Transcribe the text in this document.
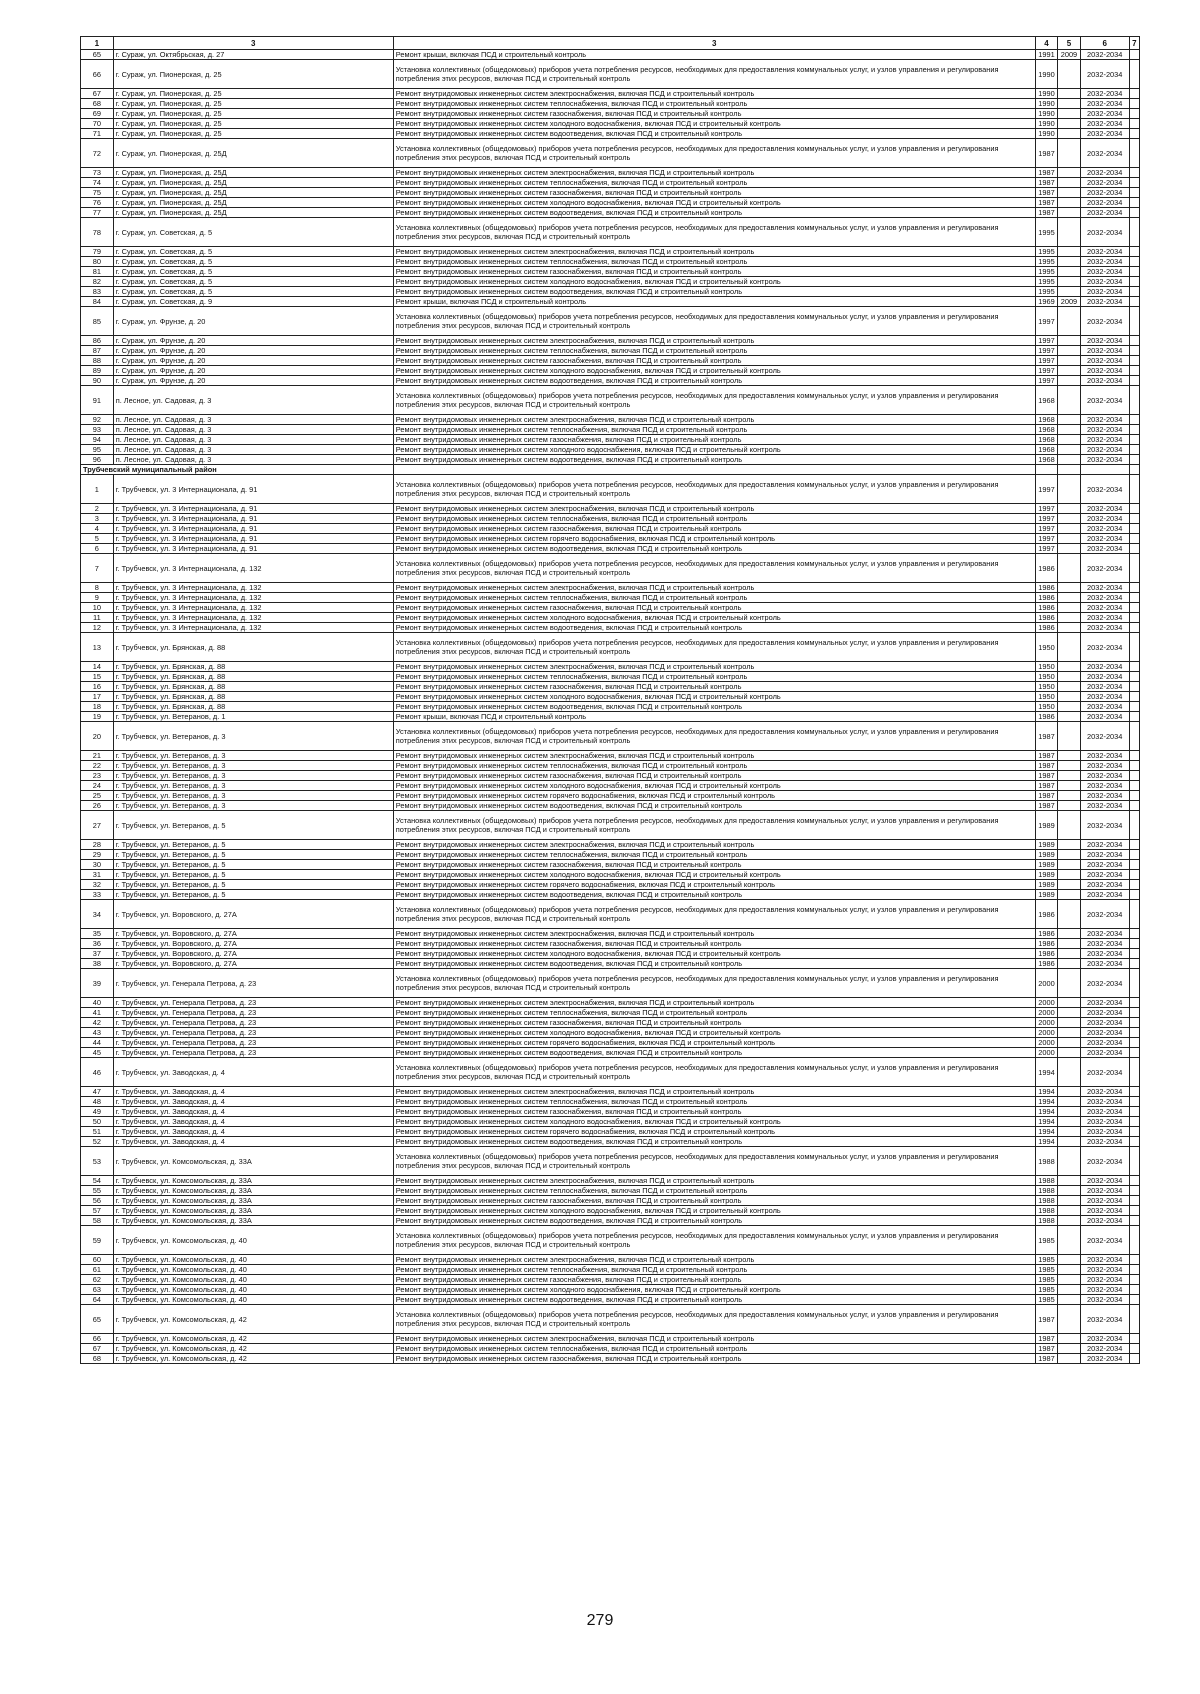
1	3	3	4	5	6	7
65	г. Сураж, ул. Октябрьская, д. 27	Ремонт крыши, включая ПСД и строительный контроль	1991	2009	2032-2034	
66	г. Сураж, ул. Пионерская, д. 25	Установка коллективных (общедомовых) приборов учета потребления ресурсов, необходимых для предоставления коммунальных услуг, и узлов управления и регулирования потребления этих ресурсов, включая ПСД и строительный контроль	1990		2032-2034	
67	г. Сураж, ул. Пионерская, д. 25	Ремонт внутридомовых инженерных систем электроснабжения, включая ПСД и строительный контроль	1990		2032-2034	
68	г. Сураж, ул. Пионерская, д. 25	Ремонт внутридомовых инженерных систем теплоснабжения, включая ПСД и строительный контроль	1990		2032-2034	
69	г. Сураж, ул. Пионерская, д. 25	Ремонт внутридомовых инженерных систем газоснабжения, включая ПСД и строительный контроль	1990		2032-2034	
70	г. Сураж, ул. Пионерская, д. 25	Ремонт внутридомовых инженерных систем холодного водоснабжения, включая ПСД и строительный контроль	1990		2032-2034	
71	г. Сураж, ул. Пионерская, д. 25	Ремонт внутридомовых инженерных систем водоотведения, включая ПСД и строительный контроль	1990		2032-2034	
72	г. Сураж, ул. Пионерская, д. 25Д	Установка коллективных (общедомовых) приборов учета потребления ресурсов, необходимых для предоставления коммунальных услуг, и узлов управления и регулирования потребления этих ресурсов, включая ПСД и строительный контроль	1987		2032-2034	
73	г. Сураж, ул. Пионерская, д. 25Д	Ремонт внутридомовых инженерных систем электроснабжения, включая ПСД и строительный контроль	1987		2032-2034	
74	г. Сураж, ул. Пионерская, д. 25Д	Ремонт внутридомовых инженерных систем теплоснабжения, включая ПСД и строительный контроль	1987		2032-2034	
75	г. Сураж, ул. Пионерская, д. 25Д	Ремонт внутридомовых инженерных систем газоснабжения, включая ПСД и строительный контроль	1987		2032-2034	
76	г. Сураж, ул. Пионерская, д. 25Д	Ремонт внутридомовых инженерных систем холодного водоснабжения, включая ПСД и строительный контроль	1987		2032-2034	
77	г. Сураж, ул. Пионерская, д. 25Д	Ремонт внутридомовых инженерных систем водоотведения, включая ПСД и строительный контроль	1987		2032-2034	
78	г. Сураж, ул. Советская, д. 5	Установка коллективных (общедомовых) приборов учета потребления ресурсов, необходимых для предоставления коммунальных услуг, и узлов управления и регулирования потребления этих ресурсов, включая ПСД и строительный контроль	1995		2032-2034	
79	г. Сураж, ул. Советская, д. 5	Ремонт внутридомовых инженерных систем электроснабжения, включая ПСД и строительный контроль	1995		2032-2034	
80	г. Сураж, ул. Советская, д. 5	Ремонт внутридомовых инженерных систем теплоснабжения, включая ПСД и строительный контроль	1995		2032-2034	
81	г. Сураж, ул. Советская, д. 5	Ремонт внутридомовых инженерных систем газоснабжения, включая ПСД и строительный контроль	1995		2032-2034	
82	г. Сураж, ул. Советская, д. 5	Ремонт внутридомовых инженерных систем холодного водоснабжения, включая ПСД и строительный контроль	1995		2032-2034	
83	г. Сураж, ул. Советская, д. 5	Ремонт внутридомовых инженерных систем водоотведения, включая ПСД и строительный контроль	1995		2032-2034	
84	г. Сураж, ул. Советская, д. 9	Ремонт крыши, включая ПСД и строительный контроль	1969	2009	2032-2034	
85	г. Сураж, ул. Фрунзе, д. 20	Установка коллективных (общедомовых) приборов учета потребления ресурсов, необходимых для предоставления коммунальных услуг, и узлов управления и регулирования потребления этих ресурсов, включая ПСД и строительный контроль	1997		2032-2034	
86	г. Сураж, ул. Фрунзе, д. 20	Ремонт внутридомовых инженерных систем электроснабжения, включая ПСД и строительный контроль	1997		2032-2034	
87	г. Сураж, ул. Фрунзе, д. 20	Ремонт внутридомовых инженерных систем теплоснабжения, включая ПСД и строительный контроль	1997		2032-2034	
88	г. Сураж, ул. Фрунзе, д. 20	Ремонт внутридомовых инженерных систем газоснабжения, включая ПСД и строительный контроль	1997		2032-2034	
89	г. Сураж, ул. Фрунзе, д. 20	Ремонт внутридомовых инженерных систем холодного водоснабжения, включая ПСД и строительный контроль	1997		2032-2034	
90	г. Сураж, ул. Фрунзе, д. 20	Ремонт внутридомовых инженерных систем водоотведения, включая ПСД и строительный контроль	1997		2032-2034	
91	п. Лесное, ул. Садовая, д. 3	Установка коллективных (общедомовых) приборов учета потребления ресурсов, необходимых для предоставления коммунальных услуг, и узлов управления и регулирования потребления этих ресурсов, включая ПСД и строительный контроль	1968		2032-2034	
92	п. Лесное, ул. Садовая, д. 3	Ремонт внутридомовых инженерных систем электроснабжения, включая ПСД и строительный контроль	1968		2032-2034	
93	п. Лесное, ул. Садовая, д. 3	Ремонт внутридомовых инженерных систем теплоснабжения, включая ПСД и строительный контроль	1968		2032-2034	
94	п. Лесное, ул. Садовая, д. 3	Ремонт внутридомовых инженерных систем газоснабжения, включая ПСД и строительный контроль	1968		2032-2034	
95	п. Лесное, ул. Садовая, д. 3	Ремонт внутридомовых инженерных систем холодного водоснабжения, включая ПСД и строительный контроль	1968		2032-2034	
96	п. Лесное, ул. Садовая, д. 3	Ремонт внутридомовых инженерных систем водоотведения, включая ПСД и строительный контроль	1968		2032-2034	
Трубчевский муниципальный район						
1	г. Трубчевск, ул. 3 Интернационала, д. 91	Установка коллективных (общедомовых) приборов учета потребления ресурсов, необходимых для предоставления коммунальных услуг, и узлов управления и регулирования потребления этих ресурсов, включая ПСД и строительный контроль	1997		2032-2034	
2	г. Трубчевск, ул. 3 Интернационала, д. 91	Ремонт внутридомовых инженерных систем электроснабжения, включая ПСД и строительный контроль	1997		2032-2034	
3	г. Трубчевск, ул. 3 Интернационала, д. 91	Ремонт внутридомовых инженерных систем теплоснабжения, включая ПСД и строительный контроль	1997		2032-2034	
4	г. Трубчевск, ул. 3 Интернационала, д. 91	Ремонт внутридомовых инженерных систем газоснабжения, включая ПСД и строительный контроль	1997		2032-2034	
5	г. Трубчевск, ул. 3 Интернационала, д. 91	Ремонт внутридомовых инженерных систем горячего водоснабжения, включая ПСД и строительный контроль	1997		2032-2034	
6	г. Трубчевск, ул. 3 Интернационала, д. 91	Ремонт внутридомовых инженерных систем водоотведения, включая ПСД и строительный контроль	1997		2032-2034	
7	г. Трубчевск, ул. 3 Интернационала, д. 132	Установка коллективных (общедомовых) приборов учета потребления ресурсов, необходимых для предоставления коммунальных услуг, и узлов управления и регулирования потребления этих ресурсов, включая ПСД и строительный контроль	1986		2032-2034	
8	г. Трубчевск, ул. 3 Интернационала, д. 132	Ремонт внутридомовых инженерных систем электроснабжения, включая ПСД и строительный контроль	1986		2032-2034	
9	г. Трубчевск, ул. 3 Интернационала, д. 132	Ремонт внутридомовых инженерных систем теплоснабжения, включая ПСД и строительный контроль	1986		2032-2034	
10	г. Трубчевск, ул. 3 Интернационала, д. 132	Ремонт внутридомовых инженерных систем газоснабжения, включая ПСД и строительный контроль	1986		2032-2034	
11	г. Трубчевск, ул. 3 Интернационала, д. 132	Ремонт внутридомовых инженерных систем холодного водоснабжения, включая ПСД и строительный контроль	1986		2032-2034	
12	г. Трубчевск, ул. 3 Интернационала, д. 132	Ремонт внутридомовых инженерных систем водоотведения, включая ПСД и строительный контроль	1986		2032-2034	
13	г. Трубчевск, ул. Брянская, д. 88	Установка коллективных (общедомовых) приборов учета потребления ресурсов, необходимых для предоставления коммунальных услуг, и узлов управления и регулирования потребления этих ресурсов, включая ПСД и строительный контроль	1950		2032-2034	
14	г. Трубчевск, ул. Брянская, д. 88	Ремонт внутридомовых инженерных систем электроснабжения, включая ПСД и строительный контроль	1950		2032-2034	
15	г. Трубчевск, ул. Брянская, д. 88	Ремонт внутридомовых инженерных систем теплоснабжения, включая ПСД и строительный контроль	1950		2032-2034	
16	г. Трубчевск, ул. Брянская, д. 88	Ремонт внутридомовых инженерных систем газоснабжения, включая ПСД и строительный контроль	1950		2032-2034	
17	г. Трубчевск, ул. Брянская, д. 88	Ремонт внутридомовых инженерных систем холодного водоснабжения, включая ПСД и строительный контроль	1950		2032-2034	
18	г. Трубчевск, ул. Брянская, д. 88	Ремонт внутридомовых инженерных систем водоотведения, включая ПСД и строительный контроль	1950		2032-2034	
19	г. Трубчевск, ул. Ветеранов, д. 1	Ремонт крыши, включая ПСД и строительный контроль	1986		2032-2034	
20	г. Трубчевск, ул. Ветеранов, д. 3	Установка коллективных (общедомовых) приборов учета потребления ресурсов, необходимых для предоставления коммунальных услуг, и узлов управления и регулирования потребления этих ресурсов, включая ПСД и строительный контроль	1987		2032-2034	
21	г. Трубчевск, ул. Ветеранов, д. 3	Ремонт внутридомовых инженерных систем электроснабжения, включая ПСД и строительный контроль	1987		2032-2034	
22	г. Трубчевск, ул. Ветеранов, д. 3	Ремонт внутридомовых инженерных систем теплоснабжения, включая ПСД и строительный контроль	1987		2032-2034	
23	г. Трубчевск, ул. Ветеранов, д. 3	Ремонт внутридомовых инженерных систем газоснабжения, включая ПСД и строительный контроль	1987		2032-2034	
24	г. Трубчевск, ул. Ветеранов, д. 3	Ремонт внутридомовых инженерных систем холодного водоснабжения, включая ПСД и строительный контроль	1987		2032-2034	
25	г. Трубчевск, ул. Ветеранов, д. 3	Ремонт внутридомовых инженерных систем горячего водоснабжения, включая ПСД и строительный контроль	1987		2032-2034	
26	г. Трубчевск, ул. Ветеранов, д. 3	Ремонт внутридомовых инженерных систем водоотведения, включая ПСД и строительный контроль	1987		2032-2034	
27	г. Трубчевск, ул. Ветеранов, д. 5	Установка коллективных (общедомовых) приборов учета потребления ресурсов, необходимых для предоставления коммунальных услуг, и узлов управления и регулирования потребления этих ресурсов, включая ПСД и строительный контроль	1989		2032-2034	
28	г. Трубчевск, ул. Ветеранов, д. 5	Ремонт внутридомовых инженерных систем электроснабжения, включая ПСД и строительный контроль	1989		2032-2034	
29	г. Трубчевск, ул. Ветеранов, д. 5	Ремонт внутридомовых инженерных систем теплоснабжения, включая ПСД и строительный контроль	1989		2032-2034	
30	г. Трубчевск, ул. Ветеранов, д. 5	Ремонт внутридомовых инженерных систем газоснабжения, включая ПСД и строительный контроль	1989		2032-2034	
31	г. Трубчевск, ул. Ветеранов, д. 5	Ремонт внутридомовых инженерных систем холодного водоснабжения, включая ПСД и строительный контроль	1989		2032-2034	
32	г. Трубчевск, ул. Ветеранов, д. 5	Ремонт внутридомовых инженерных систем горячего водоснабжения, включая ПСД и строительный контроль	1989		2032-2034	
33	г. Трубчевск, ул. Ветеранов, д. 5	Ремонт внутридомовых инженерных систем водоотведения, включая ПСД и строительный контроль	1989		2032-2034	
34	г. Трубчевск, ул. Воровского, д. 27А	Установка коллективных (общедомовых) приборов учета потребления ресурсов, необходимых для предоставления коммунальных услуг, и узлов управления и регулирования потребления этих ресурсов, включая ПСД и строительный контроль	1986		2032-2034	
35	г. Трубчевск, ул. Воровского, д. 27А	Ремонт внутридомовых инженерных систем электроснабжения, включая ПСД и строительный контроль	1986		2032-2034	
36	г. Трубчевск, ул. Воровского, д. 27А	Ремонт внутридомовых инженерных систем газоснабжения, включая ПСД и строительный контроль	1986		2032-2034	
37	г. Трубчевск, ул. Воровского, д. 27А	Ремонт внутридомовых инженерных систем холодного водоснабжения, включая ПСД и строительный контроль	1986		2032-2034	
38	г. Трубчевск, ул. Воровского, д. 27А	Ремонт внутридомовых инженерных систем водоотведения, включая ПСД и строительный контроль	1986		2032-2034	
39	г. Трубчевск, ул. Генерала Петрова, д. 23	Установка коллективных (общедомовых) приборов учета потребления ресурсов, необходимых для предоставления коммунальных услуг, и узлов управления и регулирования потребления этих ресурсов, включая ПСД и строительный контроль	2000		2032-2034	
40	г. Трубчевск, ул. Генерала Петрова, д. 23	Ремонт внутридомовых инженерных систем электроснабжения, включая ПСД и строительный контроль	2000		2032-2034	
41	г. Трубчевск, ул. Генерала Петрова, д. 23	Ремонт внутридомовых инженерных систем теплоснабжения, включая ПСД и строительный контроль	2000		2032-2034	
42	г. Трубчевск, ул. Генерала Петрова, д. 23	Ремонт внутридомовых инженерных систем газоснабжения, включая ПСД и строительный контроль	2000		2032-2034	
43	г. Трубчевск, ул. Генерала Петрова, д. 23	Ремонт внутридомовых инженерных систем холодного водоснабжения, включая ПСД и строительный контроль	2000		2032-2034	
44	г. Трубчевск, ул. Генерала Петрова, д. 23	Ремонт внутридомовых инженерных систем горячего водоснабжения, включая ПСД и строительный контроль	2000		2032-2034	
45	г. Трубчевск, ул. Генерала Петрова, д. 23	Ремонт внутридомовых инженерных систем водоотведения, включая ПСД и строительный контроль	2000		2032-2034	
46	г. Трубчевск, ул. Заводская, д. 4	Установка коллективных (общедомовых) приборов учета потребления ресурсов, необходимых для предоставления коммунальных услуг, и узлов управления и регулирования потребления этих ресурсов, включая ПСД и строительный контроль	1994		2032-2034	
47	г. Трубчевск, ул. Заводская, д. 4	Ремонт внутридомовых инженерных систем электроснабжения, включая ПСД и строительный контроль	1994		2032-2034	
48	г. Трубчевск, ул. Заводская, д. 4	Ремонт внутридомовых инженерных систем теплоснабжения, включая ПСД и строительный контроль	1994		2032-2034	
49	г. Трубчевск, ул. Заводская, д. 4	Ремонт внутридомовых инженерных систем газоснабжения, включая ПСД и строительный контроль	1994		2032-2034	
50	г. Трубчевск, ул. Заводская, д. 4	Ремонт внутридомовых инженерных систем холодного водоснабжения, включая ПСД и строительный контроль	1994		2032-2034	
51	г. Трубчевск, ул. Заводская, д. 4	Ремонт внутридомовых инженерных систем горячего водоснабжения, включая ПСД и строительный контроль	1994		2032-2034	
52	г. Трубчевск, ул. Заводская, д. 4	Ремонт внутридомовых инженерных систем водоотведения, включая ПСД и строительный контроль	1994		2032-2034	
53	г. Трубчевск, ул. Комсомольская, д. 33А	Установка коллективных (общедомовых) приборов учета потребления ресурсов, необходимых для предоставления коммунальных услуг, и узлов управления и регулирования потребления этих ресурсов, включая ПСД и строительный контроль	1988		2032-2034	
54	г. Трубчевск, ул. Комсомольская, д. 33А	Ремонт внутридомовых инженерных систем электроснабжения, включая ПСД и строительный контроль	1988		2032-2034	
55	г. Трубчевск, ул. Комсомольская, д. 33А	Ремонт внутридомовых инженерных систем теплоснабжения, включая ПСД и строительный контроль	1988		2032-2034	
56	г. Трубчевск, ул. Комсомольская, д. 33А	Ремонт внутридомовых инженерных систем газоснабжения, включая ПСД и строительный контроль	1988		2032-2034	
57	г. Трубчевск, ул. Комсомольская, д. 33А	Ремонт внутридомовых инженерных систем холодного водоснабжения, включая ПСД и строительный контроль	1988		2032-2034	
58	г. Трубчевск, ул. Комсомольская, д. 33А	Ремонт внутридомовых инженерных систем водоотведения, включая ПСД и строительный контроль	1988		2032-2034	
59	г. Трубчевск, ул. Комсомольская, д. 40	Установка коллективных (общедомовых) приборов учета потребления ресурсов, необходимых для предоставления коммунальных услуг, и узлов управления и регулирования потребления этих ресурсов, включая ПСД и строительный контроль	1985		2032-2034	
60	г. Трубчевск, ул. Комсомольская, д. 40	Ремонт внутридомовых инженерных систем электроснабжения, включая ПСД и строительный контроль	1985		2032-2034	
61	г. Трубчевск, ул. Комсомольская, д. 40	Ремонт внутридомовых инженерных систем теплоснабжения, включая ПСД и строительный контроль	1985		2032-2034	
62	г. Трубчевск, ул. Комсомольская, д. 40	Ремонт внутридомовых инженерных систем газоснабжения, включая ПСД и строительный контроль	1985		2032-2034	
63	г. Трубчевск, ул. Комсомольская, д. 40	Ремонт внутридомовых инженерных систем холодного водоснабжения, включая ПСД и строительный контроль	1985		2032-2034	
64	г. Трубчевск, ул. Комсомольская, д. 40	Ремонт внутридомовых инженерных систем водоотведения, включая ПСД и строительный контроль	1985		2032-2034	
65	г. Трубчевск, ул. Комсомольская, д. 42	Установка коллективных (общедомовых) приборов учета потребления ресурсов, необходимых для предоставления коммунальных услуг, и узлов управления и регулирования потребления этих ресурсов, включая ПСД и строительный контроль	1987		2032-2034	
66	г. Трубчевск, ул. Комсомольская, д. 42	Ремонт внутридомовых инженерных систем электроснабжения, включая ПСД и строительный контроль	1987		2032-2034	
67	г. Трубчевск, ул. Комсомольская, д. 42	Ремонт внутридомовых инженерных систем теплоснабжения, включая ПСД и строительный контроль	1987		2032-2034	
68	г. Трубчевск, ул. Комсомольская, д. 42	Ремонт внутридомовых инженерных систем газоснабжения, включая ПСД и строительный контроль	1987		2032-2034	
279
